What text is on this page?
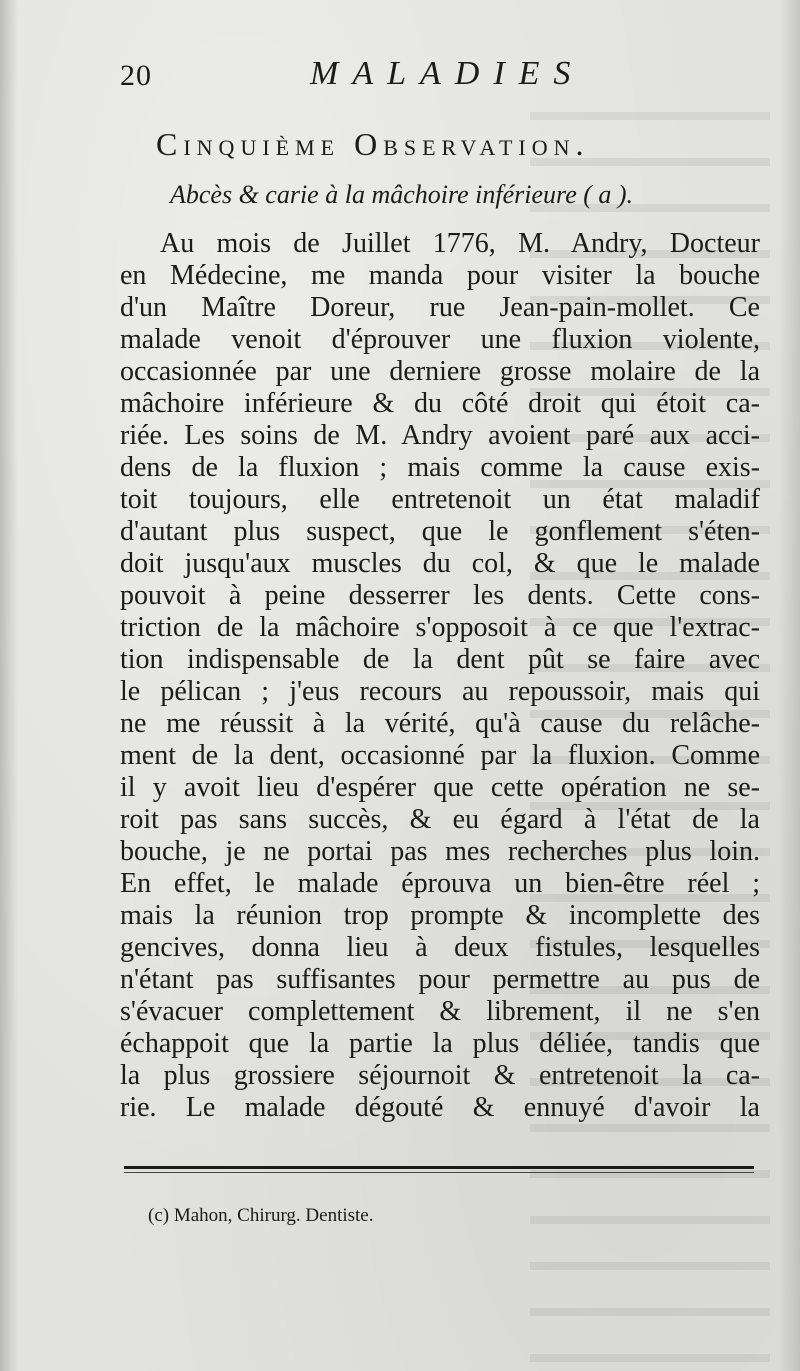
20	MALADIES
Cinquième Observation.
Abcès & carie à la mâchoire inférieure ( a ).
Au mois de Juillet 1776, M. Andry, Docteur
en Médecine, me manda pour visiter la bouche
d'un Maître Doreur, rue Jean-pain-mollet. Ce
malade venoit d'éprouver une fluxion violente,
occasionnée par une derniere grosse molaire de la
mâchoire inférieure & du côté droit qui étoit ca-
riée. Les soins de M. Andry avoient paré aux acci-
dens de la fluxion ; mais comme la cause exis-
toit toujours, elle entretenoit un état maladif
d'autant plus suspect, que le gonflement s'éten-
doit jusqu'aux muscles du col, & que le malade
pouvoit à peine desserrer les dents. Cette cons-
triction de la mâchoire s'opposoit à ce que l'extrac-
tion indispensable de la dent pût se faire avec
le pélican ; j'eus recours au repoussoir, mais qui
ne me réussit à la vérité, qu'à cause du relâche-
ment de la dent, occasionné par la fluxion. Comme
il y avoit lieu d'espérer que cette opération ne se-
roit pas sans succès, & eu égard à l'état de la
bouche, je ne portai pas mes recherches plus loin.
En effet, le malade éprouva un bien-être réel ;
mais la réunion trop prompte & incomplette des
gencives, donna lieu à deux fistules, lesquelles
n'étant pas suffisantes pour permettre au pus de
s'évacuer complettement & librement, il ne s'en
échappoit que la partie la plus déliée, tandis que
la plus grossiere séjournoit & entretenoit la ca-
rie. Le malade dégouté & ennuyé d'avoir la
(c) Mahon, Chirurg. Dentiste.
